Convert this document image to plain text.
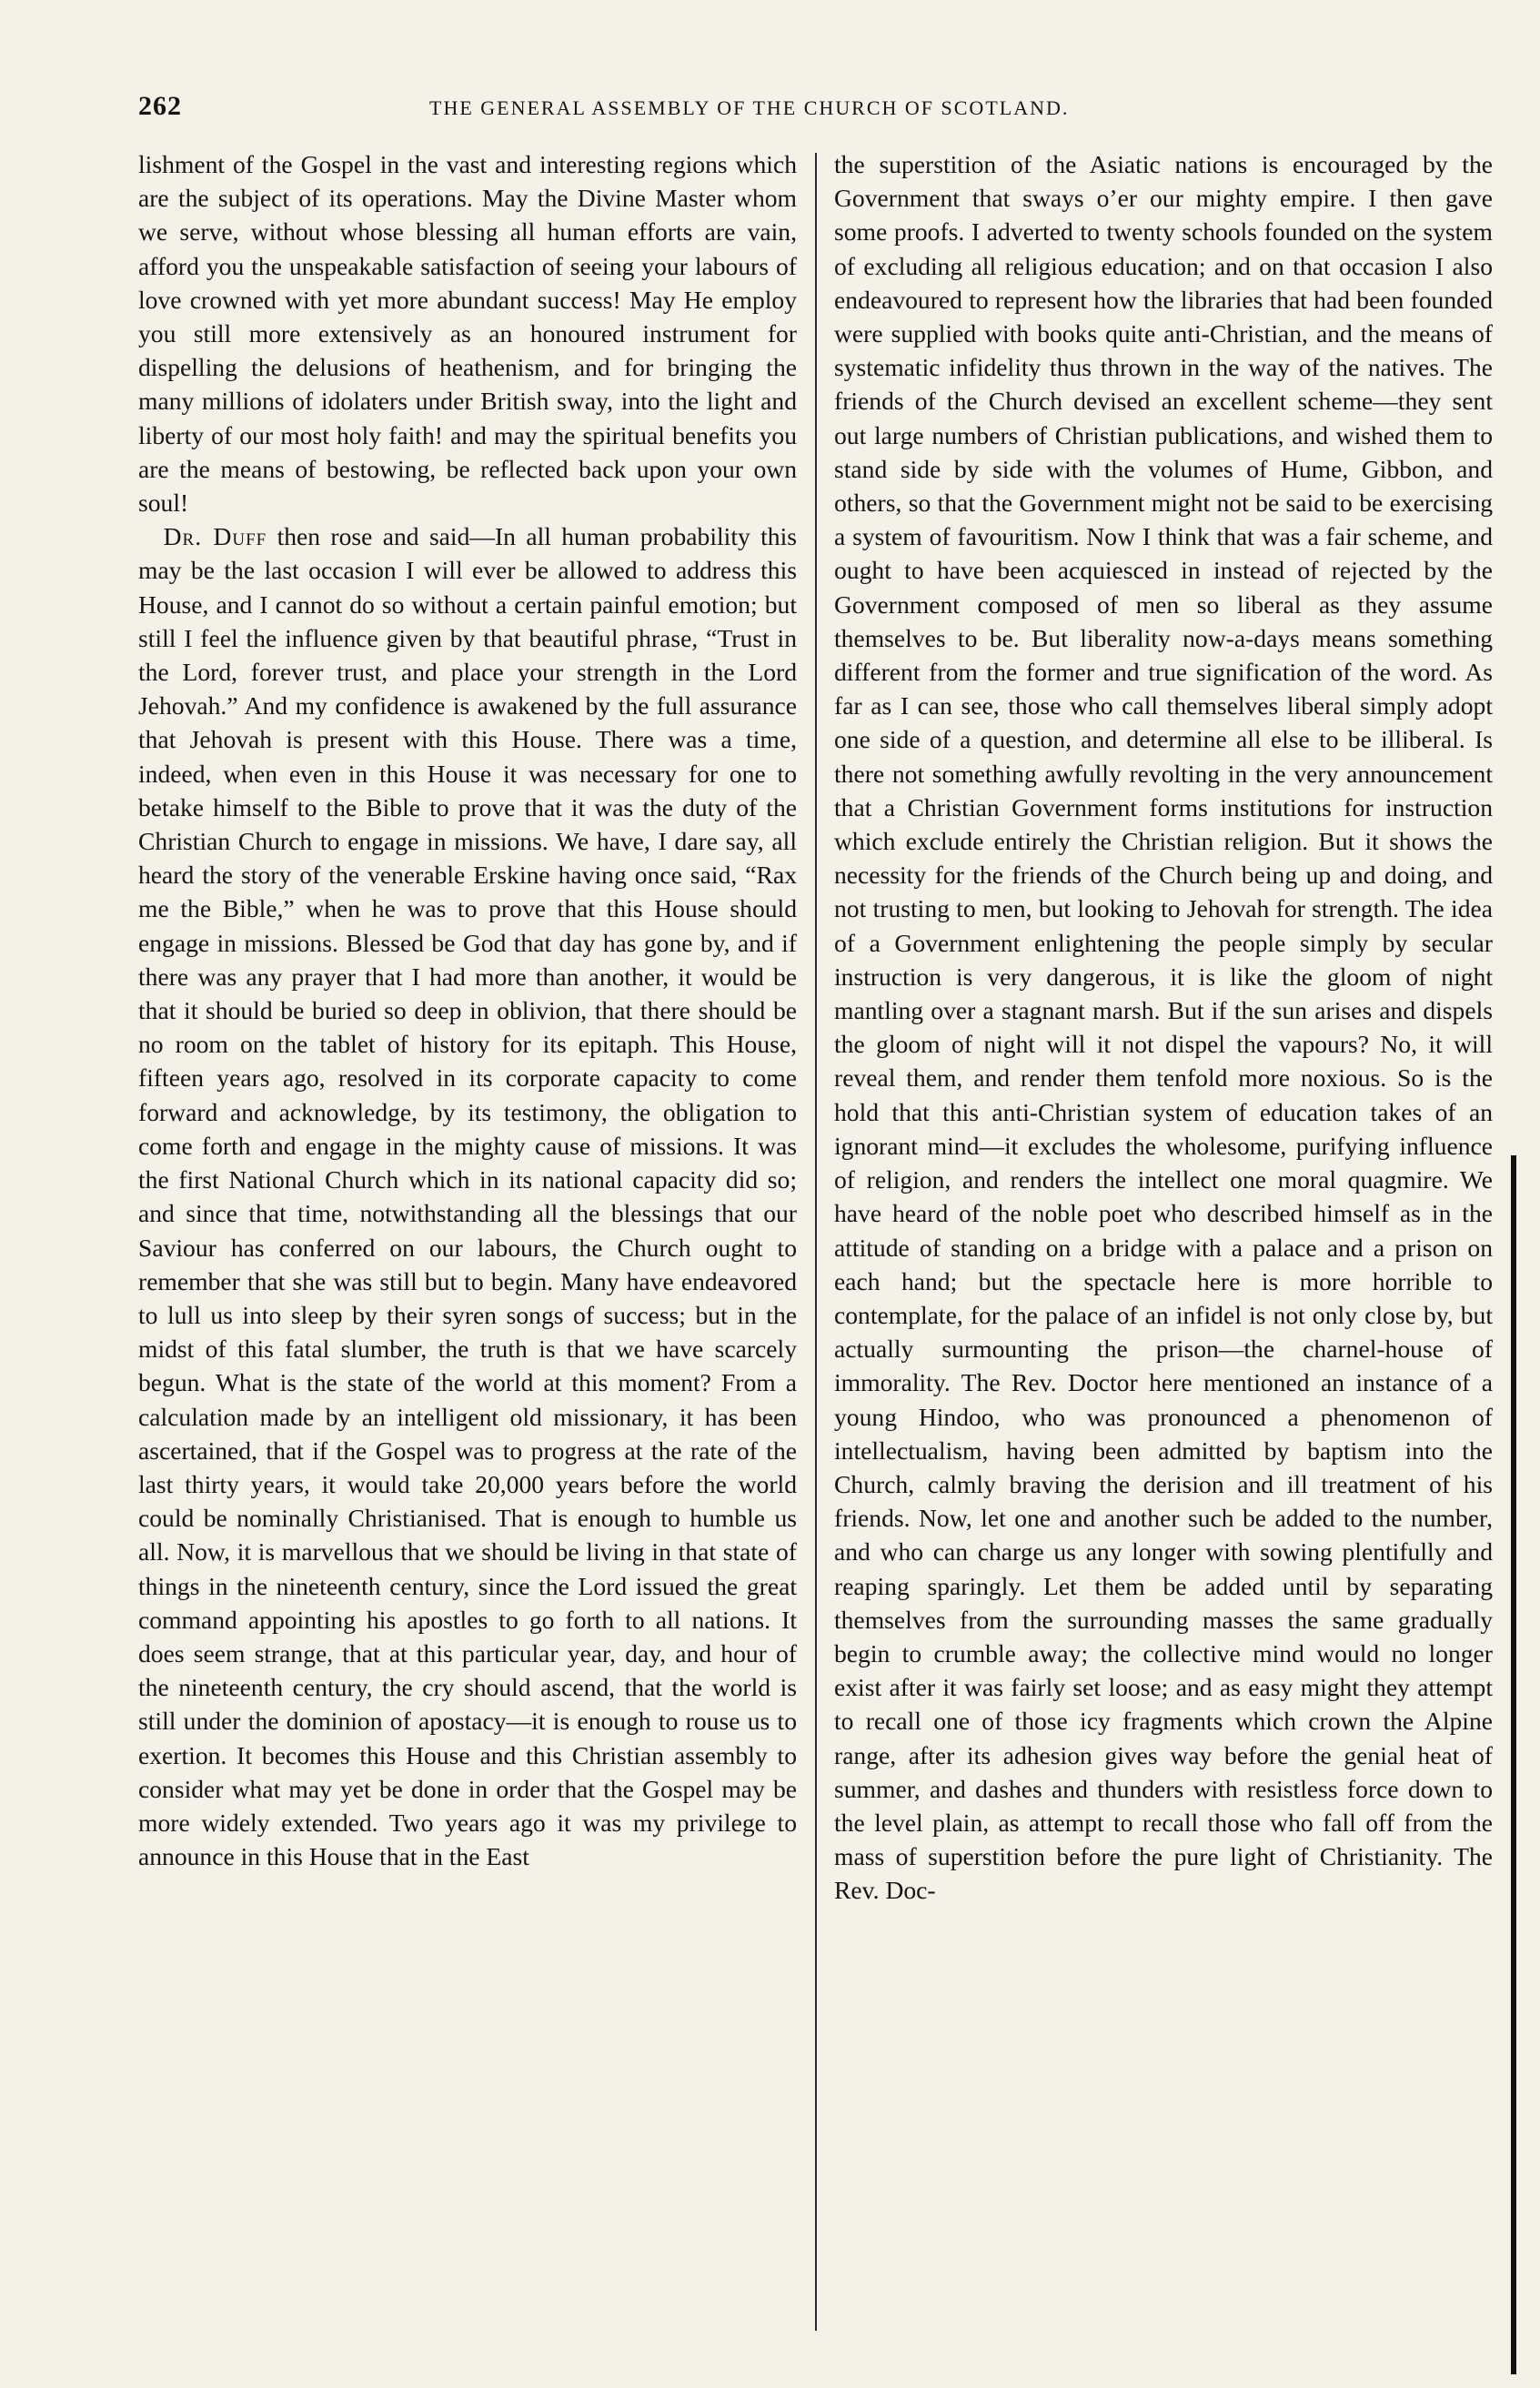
262	THE GENERAL ASSEMBLY OF THE CHURCH OF SCOTLAND.

lishment of the Gospel in the vast and interesting regions which are the subject of its operations. May the Divine Master whom we serve, without whose blessing all human efforts are vain, afford you the unspeakable satisfaction of seeing your labours of love crowned with yet more abundant success! May He employ you still more extensively as an honoured instrument for dispelling the delusions of heathenism, and for bringing the many millions of idolaters under British sway, into the light and liberty of our most holy faith! and may the spiritual benefits you are the means of bestowing, be reflected back upon your own soul!

 Dr. Duff then rose and said—In all human probability this may be the last occasion I will ever be allowed to address this House, and I cannot do so without a certain painful emotion; but still I feel the influence given by that beautiful phrase, “Trust in the Lord, forever trust, and place your strength in the Lord Jehovah.” And my confidence is awakened by the full assurance that Jehovah is present with this House. There was a time, indeed, when even in this House it was necessary for one to betake himself to the Bible to prove that it was the duty of the Christian Church to engage in missions. We have, I dare say, all heard the story of the venerable Erskine having once said, “Rax me the Bible,” when he was to prove that this House should engage in missions. Blessed be God that day has gone by, and if there was any prayer that I had more than another, it would be that it should be buried so deep in oblivion, that there should be no room on the tablet of history for its epitaph. This House, fifteen years ago, resolved in its corporate capacity to come forward and acknowledge, by its testimony, the obligation to come forth and engage in the mighty cause of missions. It was the first National Church which in its national capacity did so; and since that time, notwithstanding all the blessings that our Saviour has conferred on our labours, the Church ought to remember that she was still but to begin. Many have endeavored to lull us into sleep by their syren songs of success; but in the midst of this fatal slumber, the truth is that we have scarcely begun. What is the state of the world at this moment? From a calculation made by an intelligent old missionary, it has been ascertained, that if the Gospel was to progress at the rate of the last thirty years, it would take 20,000 years before the world could be nominally Christianised. That is enough to humble us all. Now, it is marvellous that we should be living in that state of things in the nineteenth century, since the Lord issued the great command appointing his apostles to go forth to all nations. It does seem strange, that at this particular year, day, and hour of the nineteenth century, the cry should ascend, that the world is still under the dominion of apostacy—it is enough to rouse us to exertion. It becomes this House and this Christian assembly to consider what may yet be done in order that the Gospel may be more widely extended. Two years ago it was my privilege to announce in this House that in the East

the superstition of the Asiatic nations is encouraged by the Government that sways o’er our mighty empire. I then gave some proofs. I adverted to twenty schools founded on the system of excluding all religious education; and on that occasion I also endeavoured to represent how the libraries that had been founded were supplied with books quite anti-Christian, and the means of systematic infidelity thus thrown in the way of the natives. The friends of the Church devised an excellent scheme—they sent out large numbers of Christian publications, and wished them to stand side by side with the volumes of Hume, Gibbon, and others, so that the Government might not be said to be exercising a system of favouritism. Now I think that was a fair scheme, and ought to have been acquiesced in instead of rejected by the Government composed of men so liberal as they assume themselves to be. But liberality now-a-days means something different from the former and true signification of the word. As far as I can see, those who call themselves liberal simply adopt one side of a question, and determine all else to be illiberal. Is there not something awfully revolting in the very announcement that a Christian Government forms institutions for instruction which exclude entirely the Christian religion. But it shows the necessity for the friends of the Church being up and doing, and not trusting to men, but looking to Jehovah for strength. The idea of a Government enlightening the people simply by secular instruction is very dangerous, it is like the gloom of night mantling over a stagnant marsh. But if the sun arises and dispels the gloom of night will it not dispel the vapours? No, it will reveal them, and render them tenfold more noxious. So is the hold that this anti-Christian system of education takes of an ignorant mind—it excludes the wholesome, purifying influence of religion, and renders the intellect one moral quagmire. We have heard of the noble poet who described himself as in the attitude of standing on a bridge with a palace and a prison on each hand; but the spectacle here is more horrible to contemplate, for the palace of an infidel is not only close by, but actually surmounting the prison—the charnel-house of immorality. The Rev. Doctor here mentioned an instance of a young Hindoo, who was pronounced a phenomenon of intellectualism, having been admitted by baptism into the Church, calmly braving the derision and ill treatment of his friends. Now, let one and another such be added to the number, and who can charge us any longer with sowing plentifully and reaping sparingly. Let them be added until by separating themselves from the surrounding masses the same gradually begin to crumble away; the collective mind would no longer exist after it was fairly set loose; and as easy might they attempt to recall one of those icy fragments which crown the Alpine range, after its adhesion gives way before the genial heat of summer, and dashes and thunders with resistless force down to the level plain, as attempt to recall those who fall off from the mass of superstition before the pure light of Christianity. The Rev. Doc-
